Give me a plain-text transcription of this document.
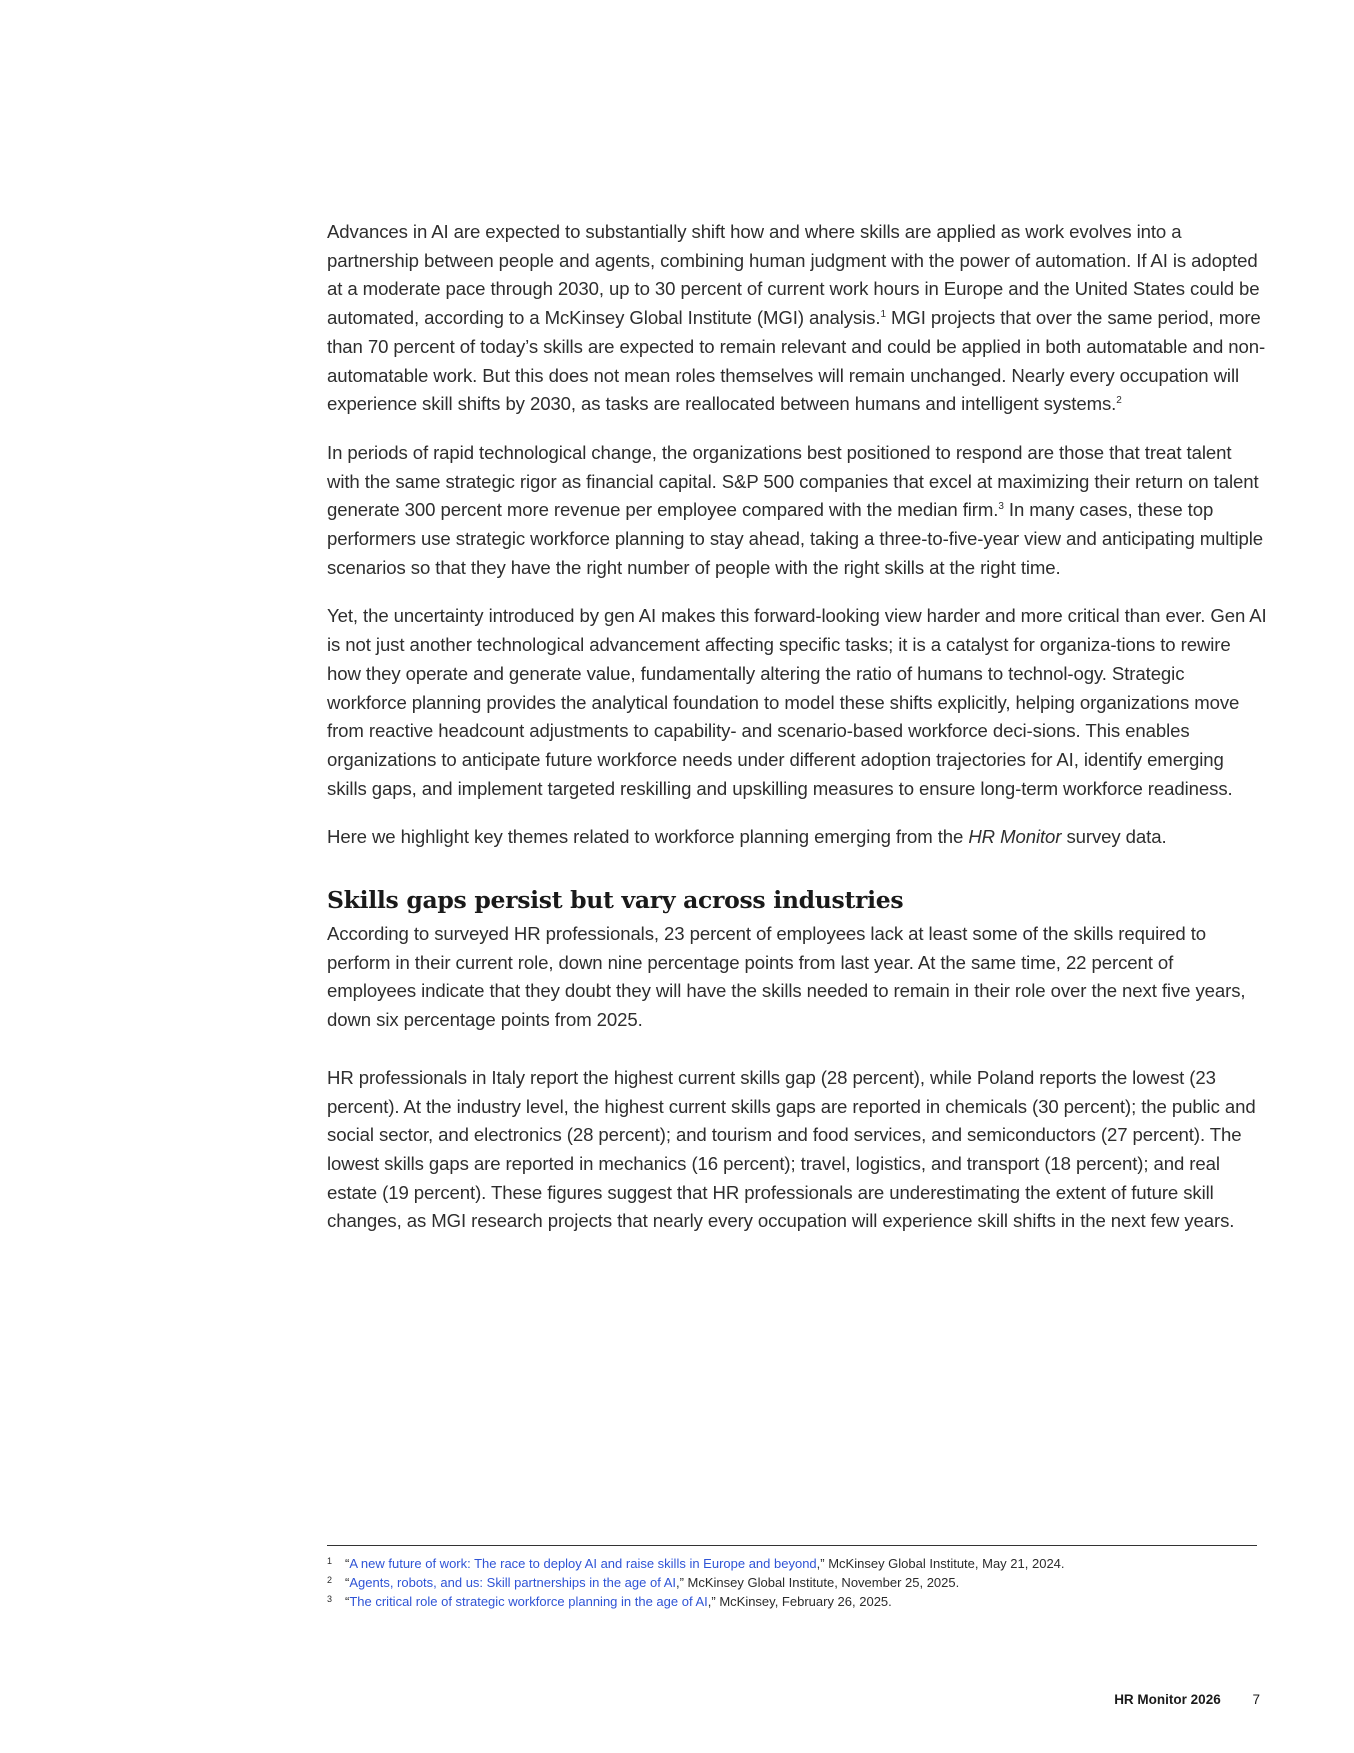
Advances in AI are expected to substantially shift how and where skills are applied as work evolves into a partnership between people and agents, combining human judgment with the power of automation. If AI is adopted at a moderate pace through 2030, up to 30 percent of current work hours in Europe and the United States could be automated, according to a McKinsey Global Institute (MGI) analysis.$^1$ MGI projects that over the same period, more than 70 percent of today’s skills are expected to remain relevant and could be applied in both automatable and non-automatable work. But this does not mean roles themselves will remain unchanged. Nearly every occupation will experience skill shifts by 2030, as tasks are reallocated between humans and intelligent systems.$^2$

In periods of rapid technological change, the organizations best positioned to respond are those that treat talent with the same strategic rigor as financial capital. S&P 500 companies that excel at maximizing their return on talent generate 300 percent more revenue per employee compared with the median firm.$^3$ In many cases, these top performers use strategic workforce planning to stay ahead, taking a three-to-five-year view and anticipating multiple scenarios so that they have the right number of people with the right skills at the right time.

Yet, the uncertainty introduced by gen AI makes this forward-looking view harder and more critical than ever. Gen AI is not just another technological advancement affecting specific tasks; it is a catalyst for organiza-tions to rewire how they operate and generate value, fundamentally altering the ratio of humans to technol-ogy. Strategic workforce planning provides the analytical foundation to model these shifts explicitly, helping organizations move from reactive headcount adjustments to capability- and scenario-based workforce deci-sions. This enables organizations to anticipate future workforce needs under different adoption trajectories for AI, identify emerging skills gaps, and implement targeted reskilling and upskilling measures to ensure long-term workforce readiness.

Here we highlight key themes related to workforce planning emerging from the HR Monitor survey data.

Skills gaps persist but vary across industries

According to surveyed HR professionals, 23 percent of employees lack at least some of the skills required to perform in their current role, down nine percentage points from last year. At the same time, 22 percent of employees indicate that they doubt they will have the skills needed to remain in their role over the next five years, down six percentage points from 2025.

HR professionals in Italy report the highest current skills gap (28 percent), while Poland reports the lowest (23 percent). At the industry level, the highest current skills gaps are reported in chemicals (30 percent); the public and social sector, and electronics (28 percent); and tourism and food services, and semiconductors (27 percent). The lowest skills gaps are reported in mechanics (16 percent); travel, logistics, and transport (18 percent); and real estate (19 percent). These figures suggest that HR professionals are underestimating the extent of future skill changes, as MGI research projects that nearly every occupation will experience skill shifts in the next few years.

1 “A new future of work: The race to deploy AI and raise skills in Europe and beyond,” McKinsey Global Institute, May 21, 2024.
2 “Agents, robots, and us: Skill partnerships in the age of AI,” McKinsey Global Institute, November 25, 2025.
3 “The critical role of strategic workforce planning in the age of AI,” McKinsey, February 26, 2025.
HR Monitor 2026 7
